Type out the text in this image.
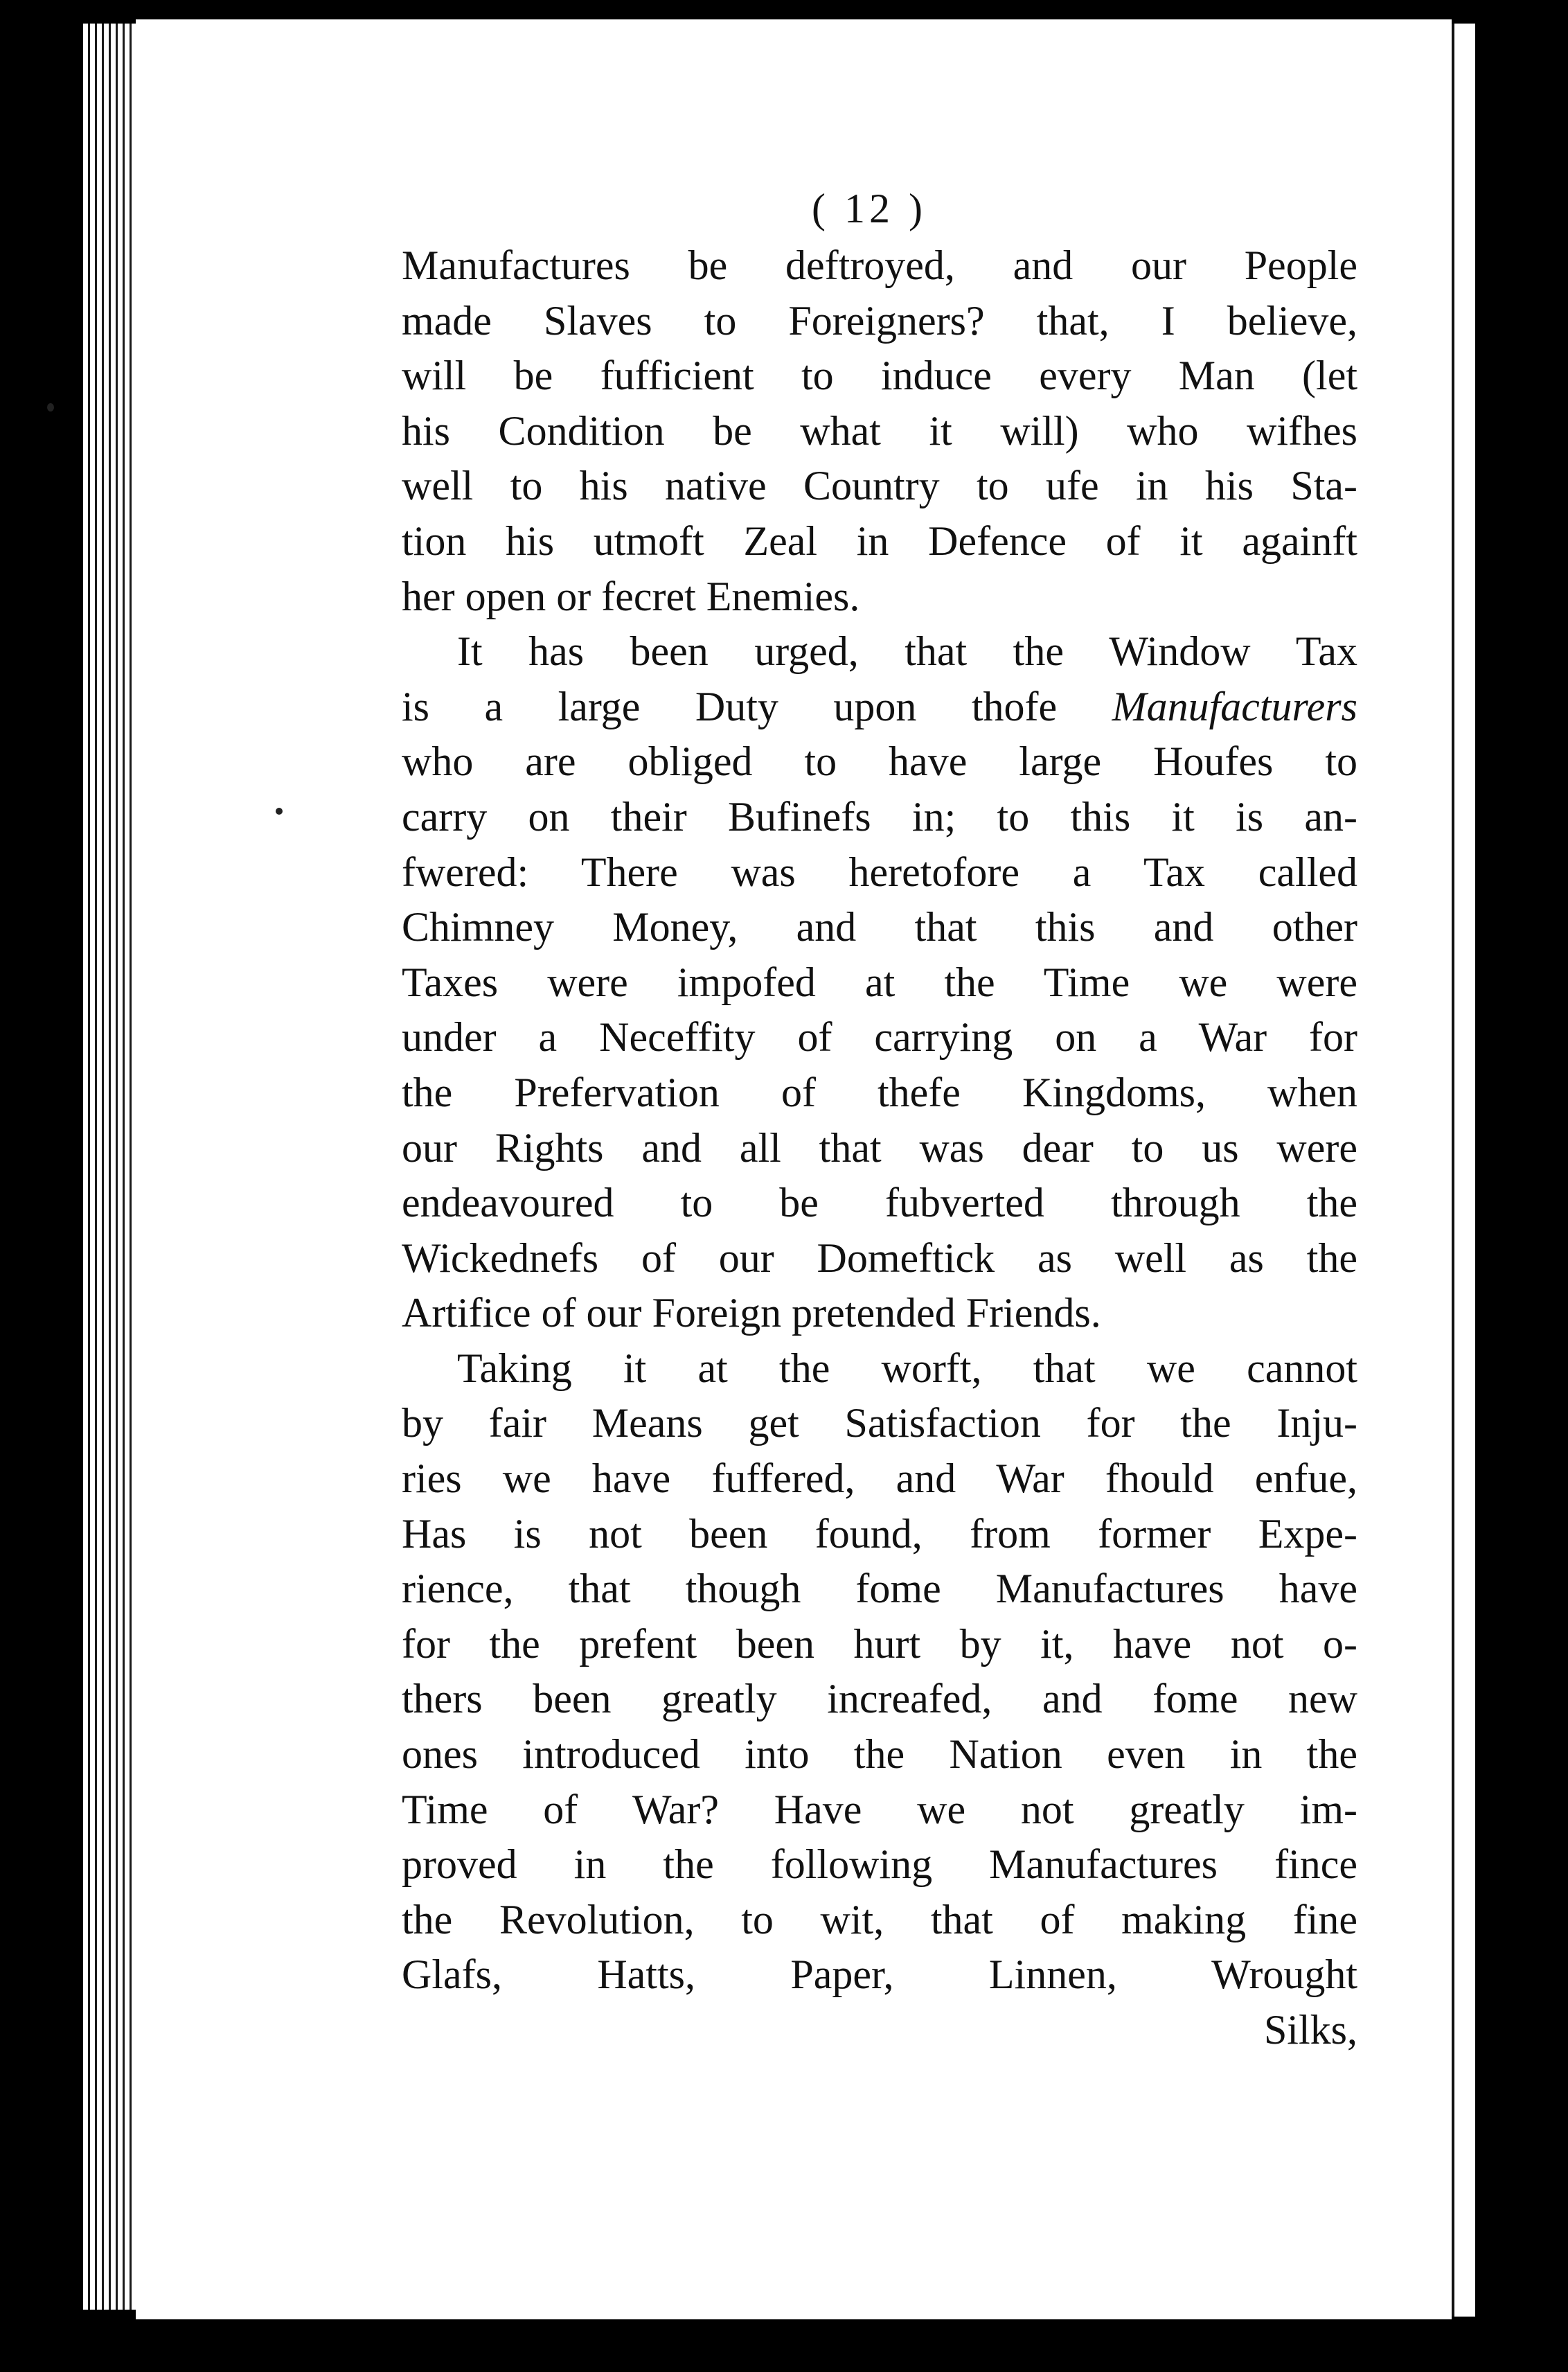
( 12 )
Manufactures be deftroyed, and our People
made Slaves to Foreigners? that, I believe,
will be fufficient to induce every Man (let
his Condition be what it will) who wifhes
well to his native Country to ufe in his Sta-
tion his utmoft Zeal in Defence of it againft
her open or fecret Enemies.
It has been urged, that the Window Tax
is a large Duty upon thofe Manufacturers
who are obliged to have large Houfes to
carry on their Bufinefs in; to this it is an-
fwered: There was heretofore a Tax called
Chimney Money, and that this and other
Taxes were impofed at the Time we were
under a Neceffity of carrying on a War for
the Prefervation of thefe Kingdoms, when
our Rights and all that was dear to us were
endeavoured to be fubverted through the
Wickednefs of our Domeftick as well as the
Artifice of our Foreign pretended Friends.
Taking it at the worft, that we cannot
by fair Means get Satisfaction for the Inju-
ries we have fuffered, and War fhould enfue,
Has is not been found, from former Expe-
rience, that though fome Manufactures have
for the prefent been hurt by it, have not o-
thers been greatly increafed, and fome new
ones introduced into the Nation even in the
Time of War? Have we not greatly im-
proved in the following Manufactures fince
the Revolution, to wit, that of making fine
Glafs, Hatts, Paper, Linnen, Wrought
Silks,
